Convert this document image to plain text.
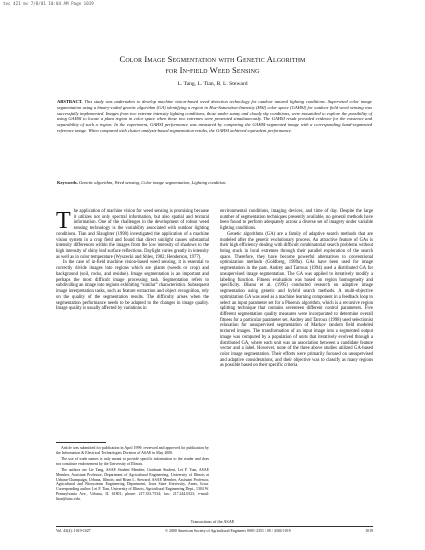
tec 421 ms 7/8/01 10:04 AM Page 1019
Color Image Segmentation with Genetic Algorithm
for In-field Weed Sensing
L. Tang, L. Tian, B. L. Steward
ABSTRACT. This study was undertaken to develop machine vision-based weed detection technology for outdoor natural lighting conditions. Supervised color image segmentation using a binary-coded genetic algorithm (GA) identifying a region in Hue-Saturation-Intensity (HSI) color space (GAHSI) for outdoor field weed sensing was successfully implemented. Images from two extreme intensity lighting conditions, those under sunny and cloudy sky conditions, were mosaicked to explore the possibility of using GAHSI to locate a plant region in color space when these two extremes were presented simultaneously. The GAHSI result provided evidence for the existence and separability of such a region. In the experiment, GAHSI performance was measured by comparing the GAHSI-segmented image with a corresponding hand-segmented reference image. When compared with cluster analysis-based segmentation results, the GAHSI achieved equivalent performance.
Keywords. Genetic algorithm, Weed sensing, Color image segmentation, Lighting condition.

The application of machine vision for weed sensing is promising because it utilizes not only spectral information, but also spatial and textural information. One of the challenges in the development of robust weed sensing technology is the variability associated with outdoor lighting conditions. Tian and Slaughter (1998) investigated the application of a machine vision system in a crop field and found that direct sunlight causes substantial intensity differences within the images from the low intensity of shadows to the high intensity of shiny leaf surface reflections. Daylight varies greatly in intensity as well as in color temperature (Wyszecki and Stiles, 1982; Henderson, 1977).

In the case of in-field machine vision-based weed sensing, it is essential to correctly divide images into regions which are plants (weeds or crop) and background (soil, rocks, and residue). Image segmentation is an important and perhaps the most difficult image processing task. Segmentation refers to subdividing an image into regions exhibiting “similar” characteristics. Subsequent image interpretation tasks, such as feature extraction and object recognition, rely on the quality of the segmentation results. The difficulty arises when the segmentation performance needs to be adapted to the changes in image quality. Image quality is usually affected by variations in

environmental conditions, imaging devices, and time of day. Despite the large number of segmentation techniques presently available, no general methods have been found to perform adequately across a diverse set of imagery under variable lighting conditions.

Genetic algorithms (GA) are a family of adaptive search methods that are modeled after the genetic evolutionary process. An attractive feature of GAs is their high efficiency dealing with difficult combinatorial search problems without being stuck in local extremes through their parallel exploration of the search space. Therefore, they have become powerful alternatives to conventional optimization methods (Goldberg, 1989a). GAs have been used for image segmentation in the past. Andrey and Tarroux (1994) used a distributed GA for unsupervised image segmentation. The GA was applied to iteratively modify a labeling function. Fitness evaluation was based on region homogeneity and specificity. Bhanu et al. (1995) conducted research on adaptive image segmentation using genetic and hybrid search methods. A multi-objective optimization GA was used as a machine learning component in a feedback loop to select an input parameter set for a Phoenix algorithm, which is a recursive region splitting technique that contains seventeen different control parameters. Five different segmentation quality measures were incorporated to determine overall fitness for a particular parameter set. Andrey and Tarroux (1998) used selectionist relaxation for unsupervised segmentation of Markov random field modeled textured images. The transformation of an input image into a segmented output image was computed by a population of units that iteratively evolved through a distributed GA, where each unit was an association between a candidate feature vector and a label. However, none of the three above studies utilized GA-based color image segmentation. Their efforts were primarily focused on unsupervised and adaptive considerations, and their objective was to classify as many regions as possible based on their specific criteria.

Article was submitted for publication in April 1999; reviewed and approved for publication by the Information & Electrical Technologies Division of ASAE in May 2000.

The use of trade names is only meant to provide specific information to the reader and does not constitute endorsement by the University of Illinois.

The authors are Lie Tang, ASAE Student Member, Graduate Student, Lei F. Tian, ASAE Member, Assistant Professor, Department of Agricultural Engineering, University of Illinois at Urbana-Champaign, Urbana, Illinois; and Brian L. Steward, ASAE Member, Assistant Professor, Agricultural and Biosystems Engineering Department, Iowa State University, Ames, Iowa. Corresponding author: Lei F. Tian, University of Illinois, Agricultural Engineering Dept., 1304 W. Pennsylvania Ave., Urbana, IL 61801; phone: 217.333.7534; fax: 217.244.0323; e-mail: ltian@uiuc.edu.

Transactions of the ASAE
Vol. 43(4): 1019-1027	© 2000 American Society of Agricultural Engineers 0001-2351 / 00 / 4304-1019	1019
